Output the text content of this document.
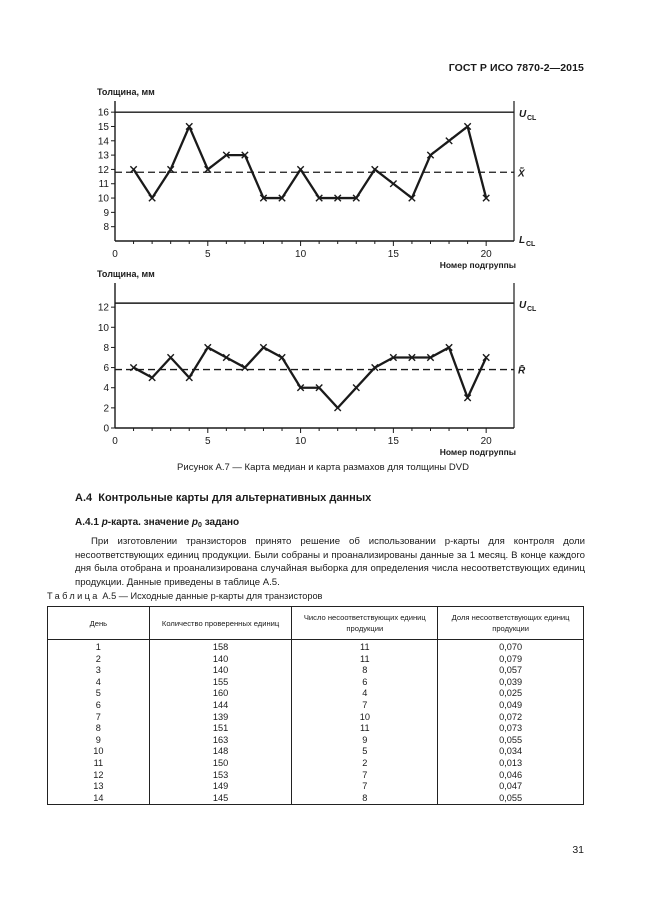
ГОСТ Р ИСО 7870-2—2015
8
9
10
11
12
13
14
15
16
0	5	10	15	20
Толщина, мм
Номер подгруппы
U CL
L CL
X̄̃
0
2
4
6
8
10
12
0	5	10	15	20
Толщина, мм
Номер подгруппы
U CL
R̄
Рисунок А.7 — Карта медиан и карта размахов для толщины DVD
А.4 Контрольные карты для альтернативных данных
А.4.1 p-карта. значение $p_0$ задано

При изготовлении транзисторов принято решение об использовании р-карты для контроля доли несоответствующих единиц продукции. Были собраны и проанализированы данные за 1 месяц. В конце каждого дня была отобрана и проанализирована случайная выборка для определения числа несоответствующих единиц продукции. Данные приведены в таблице А.5.

Таблица А.5 — Исходные данные р-карты для транзисторов
День	Количество проверенных единиц	Число несоответствующих единиц продукции	Доля несоответствующих единиц продукции
1	158	11	0,070
2	140	11	0,079
3	140	8	0,057
4	155	6	0,039
5	160	4	0,025
6	144	7	0,049
7	139	10	0,072
8	151	11	0,073
9	163	9	0,055
10	148	5	0,034
11	150	2	0,013
12	153	7	0,046
13	149	7	0,047
14	145	8	0,055
31
